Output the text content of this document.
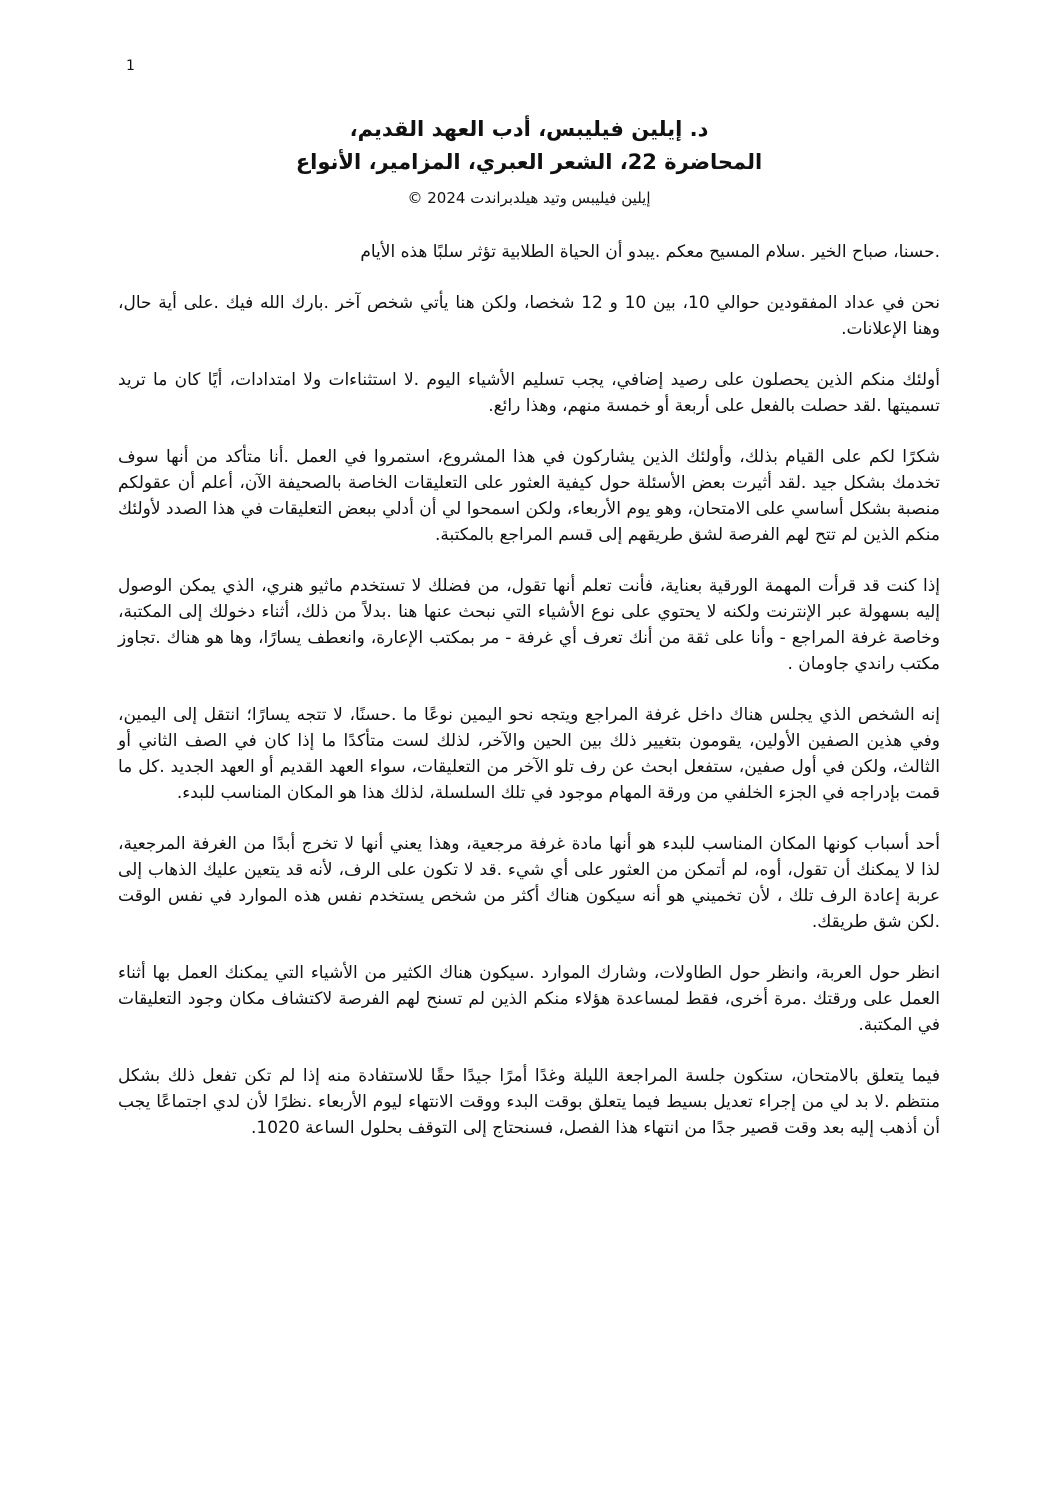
1
د. إيلين فيليبس، أدب العهد القديم،
المحاضرة 22، الشعر العبري، المزامير، الأنواع
إيلين فيليبس وتيد هيلدبراندت 2024 ©

.حسنا، صباح الخير .سلام المسيح معكم .يبدو أن الحياة الطلابية تؤثر سلبًا هذه الأيام

نحن في عداد المفقودين حوالي 10، بين 10 و 12 شخصا، ولكن هنا يأتي شخص آخر .بارك الله فيك .على أية حال، وهنا الإعلانات.

أولئك منكم الذين يحصلون على رصيد إضافي، يجب تسليم الأشياء اليوم .لا استثناءات ولا امتدادات، أيًا كان ما تريد تسميتها .لقد حصلت بالفعل على أربعة أو خمسة منهم، وهذا رائع.

شكرًا لكم على القيام بذلك، وأولئك الذين يشاركون في هذا المشروع، استمروا في العمل .أنا متأكد من أنها سوف تخدمك بشكل جيد .لقد أثيرت بعض الأسئلة حول كيفية العثور على التعليقات الخاصة بالصحيفة الآن، أعلم أن عقولكم منصبة بشكل أساسي على الامتحان، وهو يوم الأربعاء، ولكن اسمحوا لي أن أدلي ببعض التعليقات في هذا الصدد لأولئك منكم الذين لم تتح لهم الفرصة لشق طريقهم إلى قسم المراجع بالمكتبة.

إذا كنت قد قرأت المهمة الورقية بعناية، فأنت تعلم أنها تقول، من فضلك لا تستخدم ماثيو هنري، الذي يمكن الوصول إليه بسهولة عبر الإنترنت ولكنه لا يحتوي على نوع الأشياء التي نبحث عنها هنا .بدلاً من ذلك، أثناء دخولك إلى المكتبة، وخاصة غرفة المراجع - وأنا على ثقة من أنك تعرف أي غرفة - مر بمكتب الإعارة، وانعطف يسارًا، وها هو هناك .تجاوز مكتب راندي جاومان .

إنه الشخص الذي يجلس هناك داخل غرفة المراجع ويتجه نحو اليمين نوعًا ما .حسنًا، لا تتجه يسارًا؛ انتقل إلى اليمين، وفي هذين الصفين الأولين، يقومون بتغيير ذلك بين الحين والآخر، لذلك لست متأكدًا ما إذا كان في الصف الثاني أو الثالث، ولكن في أول صفين، ستفعل ابحث عن رف تلو الآخر من التعليقات، سواء العهد القديم أو العهد الجديد .كل ما قمت بإدراجه في الجزء الخلفي من ورقة المهام موجود في تلك السلسلة، لذلك هذا هو المكان المناسب للبدء.

أحد أسباب كونها المكان المناسب للبدء هو أنها مادة غرفة مرجعية، وهذا يعني أنها لا تخرج أبدًا من الغرفة المرجعية، لذا لا يمكنك أن تقول، أوه، لم أتمكن من العثور على أي شيء .قد لا تكون على الرف، لأنه قد يتعين عليك الذهاب إلى عربة إعادة الرف تلك ، لأن تخميني هو أنه سيكون هناك أكثر من شخص يستخدم نفس هذه الموارد في نفس الوقت .لكن شق طريقك.

انظر حول العربة، وانظر حول الطاولات، وشارك الموارد .سيكون هناك الكثير من الأشياء التي يمكنك العمل بها أثناء العمل على ورقتك .مرة أخرى، فقط لمساعدة هؤلاء منكم الذين لم تسنح لهم الفرصة لاكتشاف مكان وجود التعليقات في المكتبة.

فيما يتعلق بالامتحان، ستكون جلسة المراجعة الليلة وغدًا أمرًا جيدًا حقًا للاستفادة منه إذا لم تكن تفعل ذلك بشكل منتظم .لا بد لي من إجراء تعديل بسيط فيما يتعلق بوقت البدء ووقت الانتهاء ليوم الأربعاء .نظرًا لأن لدي اجتماعًا يجب أن أذهب إليه بعد وقت قصير جدًا من انتهاء هذا الفصل، فسنحتاج إلى التوقف بحلول الساعة 1020.
